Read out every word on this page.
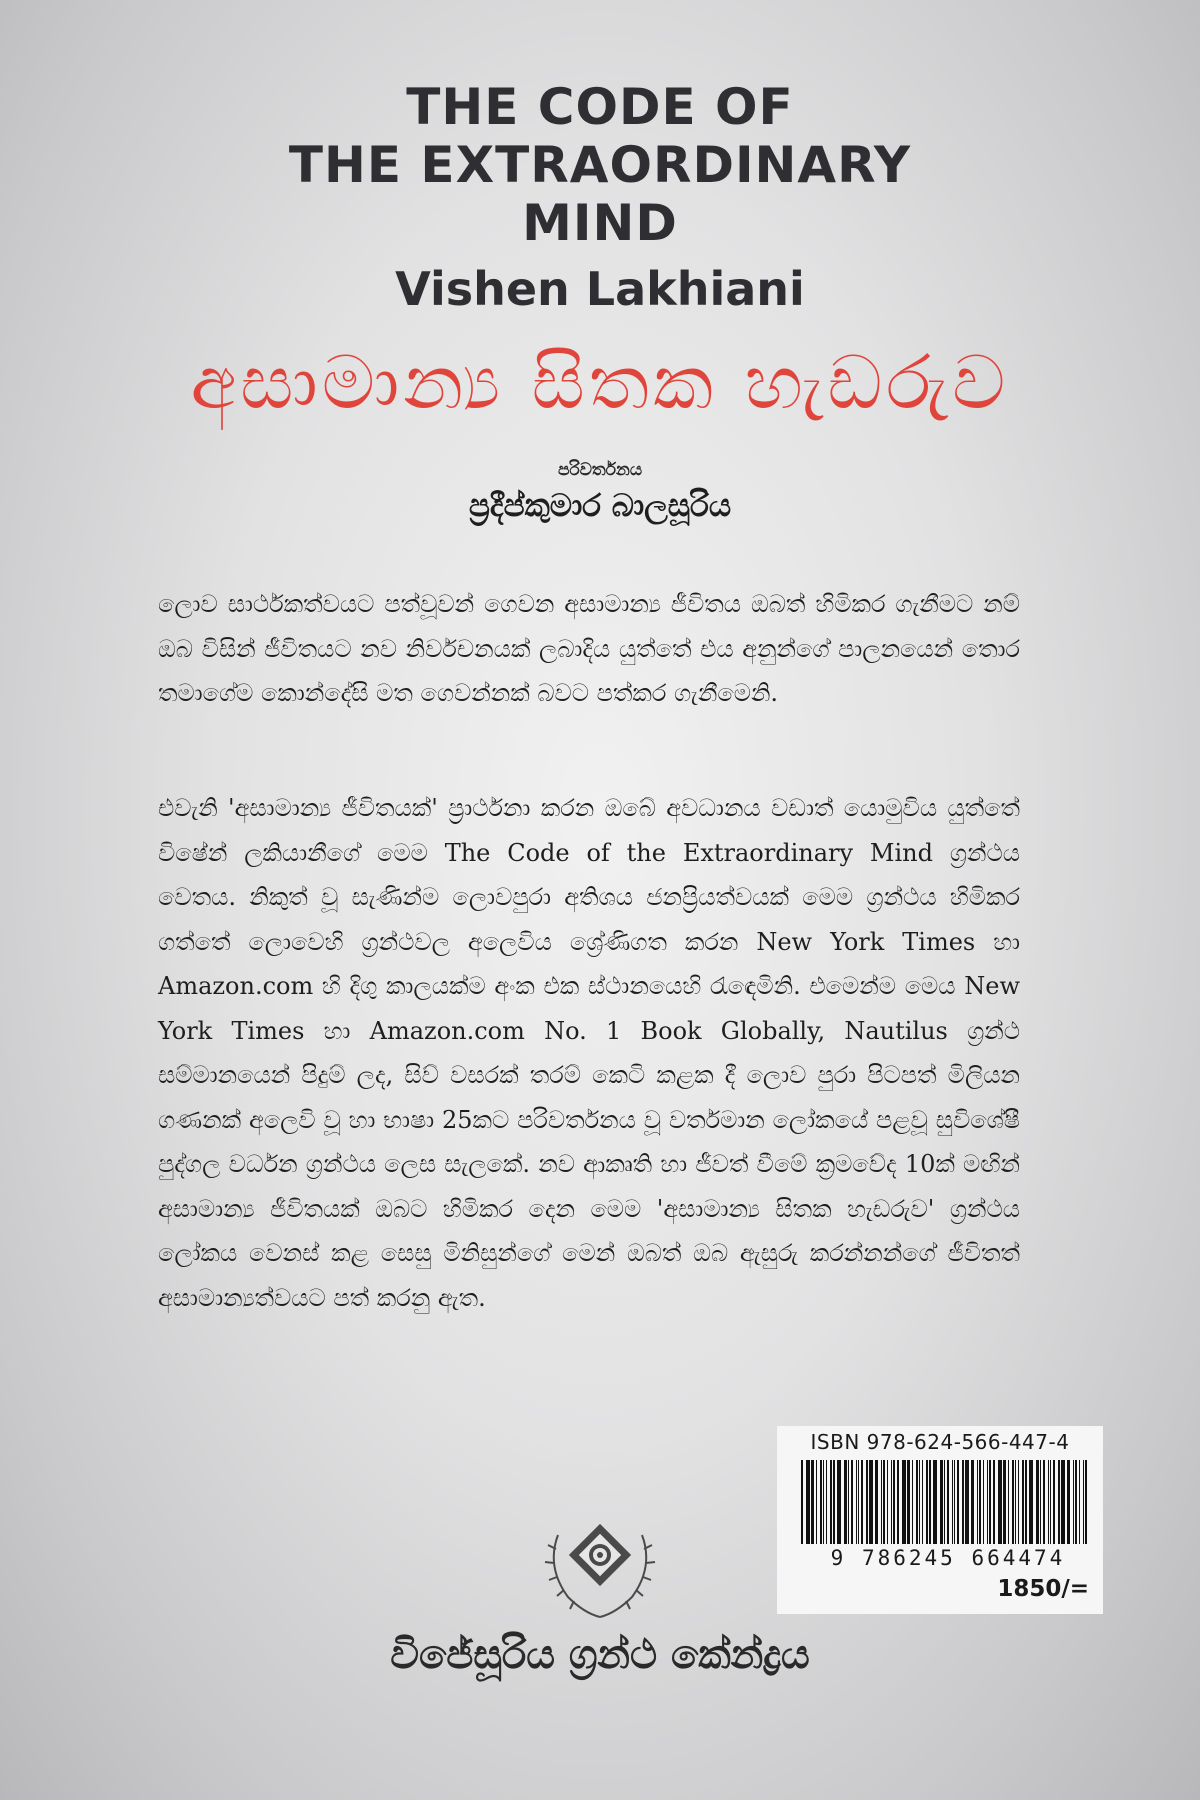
THE CODE OF
THE EXTRAORDINARY
MIND
Vishen Lakhiani
අසාමාන්‍ය සිතක හැඩරුව
පරිවර්තනය
ප්‍රදීප්කුමාර බාලසූරිය
ලොව සාර්ථකත්වයට පත්වූවන් ගෙවන අසාමාන්‍ය ජීවිතය ඔබත් හිමිකර ගැනීමට නම් ඔබ විසින් ජීවිතයට නව නිර්වචනයක් ලබාදිය යුත්තේ එය අනුන්ගේ පාලනයෙන් තොර තමාගේම කොන්දේසි මත ගෙවන්නක් බවට පත්කර ගැනීමෙනි.
එවැනි 'අසාමාන්‍ය ජීවිතයක්' ප්‍රාර්ථනා කරන ඔබේ අවධානය වඩාත් යොමුවිය යුත්තේ විෂේන් ලකියානීගේ මෙම The Code of the Extraordinary Mind ග්‍රන්ථය වෙතය. නිකුත් වූ සැණින්ම ලොවපුරා අතිශය ජනප්‍රියත්වයක් මෙම ග්‍රන්ථය හිමිකර ගත්තේ ලොවෙහි ග්‍රන්ථවල අලෙවිය ශ්‍රේණිගත කරන New York Times හා Amazon.com හි දිගු කාලයක්ම අංක එක ස්ථානයෙහි රැඳෙමිනි. එමෙන්ම මෙය New York Times හා Amazon.com No. 1 Book Globally, Nautilus ග්‍රන්ථ සම්මානයෙන් පිදුම් ලද, සිව් වසරක් තරම් කෙටි කළක දී ලොව පුරා පිටපත් මිලියන ගණනක් අලෙවි වූ හා භාෂා 25කට පරිවර්තනය වූ වර්තමාන ලෝකයේ පළවූ සුවිශේෂී පුද්ගල වර්ධන ග්‍රන්ථය ලෙස සැලකේ. නව ආකෘති හා ජීවත් වීමේ ක්‍රමවේද 10ක් මඟින් අසාමාන්‍ය ජීවිතයක් ඔබට හිමිකර දෙන මෙම 'අසාමාන්‍ය සිතක හැඩරුව' ග්‍රන්ථය ලෝකය වෙනස් කළ සෙසු මිනිසුන්ගේ මෙන් ඔබත් ඔබ ඇසුරු කරන්නන්ගේ ජීවිතත් අසාමාන්‍යත්වයට පත් කරනු ඇත.
ISBN 978-624-566-447-4
9 786245 664474
1850/=
විජේසූරිය ග්‍රන්ථ කේන්ද්‍රය
